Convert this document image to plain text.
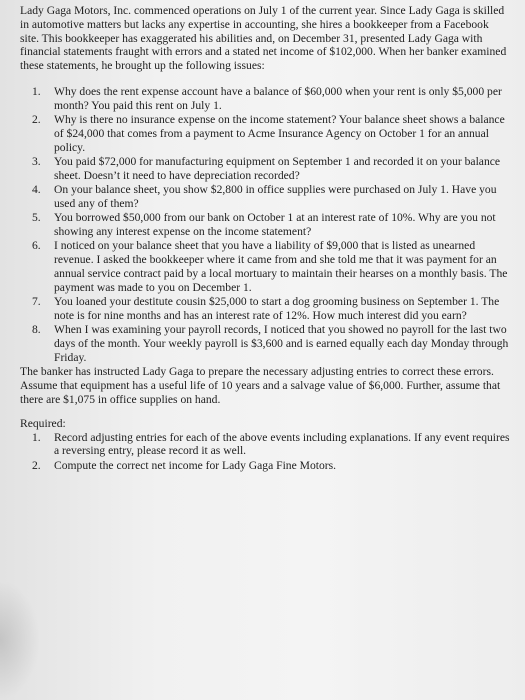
Lady Gaga Motors, Inc. commenced operations on July 1 of the current year. Since Lady Gaga is skilled in automotive matters but lacks any expertise in accounting, she hires a bookkeeper from a Facebook site. This bookkeeper has exaggerated his abilities and, on December 31, presented Lady Gaga with financial statements fraught with errors and a stated net income of $102,000. When her banker examined these statements, he brought up the following issues:

1. Why does the rent expense account have a balance of $60,000 when your rent is only $5,000 per month? You paid this rent on July 1.
2. Why is there no insurance expense on the income statement? Your balance sheet shows a balance of $24,000 that comes from a payment to Acme Insurance Agency on October 1 for an annual policy.
3. You paid $72,000 for manufacturing equipment on September 1 and recorded it on your balance sheet. Doesn’t it need to have depreciation recorded?
4. On your balance sheet, you show $2,800 in office supplies were purchased on July 1. Have you used any of them?
5. You borrowed $50,000 from our bank on October 1 at an interest rate of 10%. Why are you not showing any interest expense on the income statement?
6. I noticed on your balance sheet that you have a liability of $9,000 that is listed as unearned revenue. I asked the bookkeeper where it came from and she told me that it was payment for an annual service contract paid by a local mortuary to maintain their hearses on a monthly basis. The payment was made to you on December 1.
7. You loaned your destitute cousin $25,000 to start a dog grooming business on September 1. The note is for nine months and has an interest rate of 12%. How much interest did you earn?
8. When I was examining your payroll records, I noticed that you showed no payroll for the last two days of the month. Your weekly payroll is $3,600 and is earned equally each day Monday through Friday.

The banker has instructed Lady Gaga to prepare the necessary adjusting entries to correct these errors. Assume that equipment has a useful life of 10 years and a salvage value of $6,000. Further, assume that there are $1,075 in office supplies on hand.

Required:

1. Record adjusting entries for each of the above events including explanations. If any event requires a reversing entry, please record it as well.
2. Compute the correct net income for Lady Gaga Fine Motors.
